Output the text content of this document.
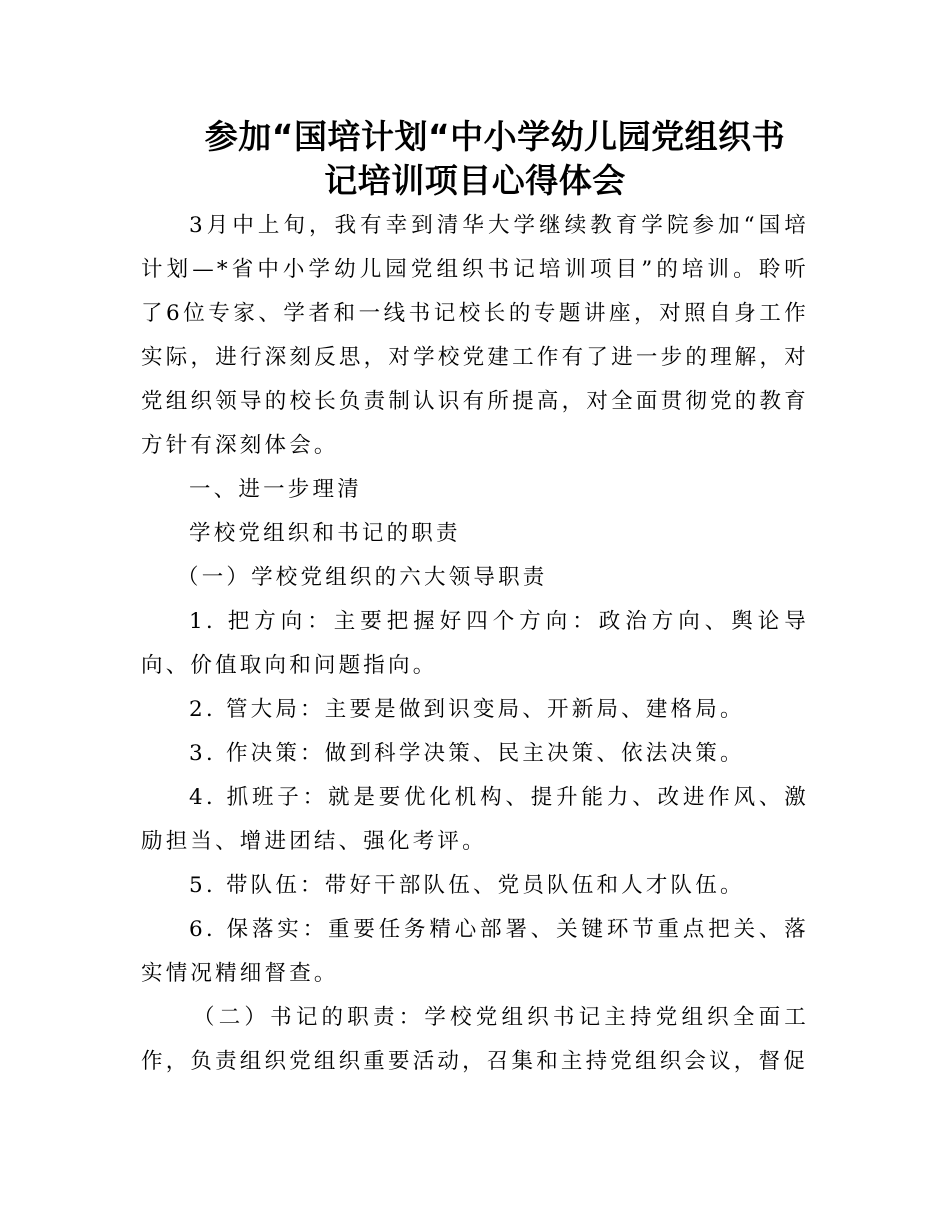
参加“国培计划“中小学幼儿园党组织书
记培训项目心得体会

3月中上旬，我有幸到清华大学继续教育学院参加“国培计划—*省中小学幼儿园党组织书记培训项目”的培训。聆听了6位专家、学者和一线书记校长的专题讲座，对照自身工作实际，进行深刻反思，对学校党建工作有了进一步的理解，对党组织领导的校长负责制认识有所提高，对全面贯彻党的教育方针有深刻体会。

一、进一步理清

学校党组织和书记的职责

（一）学校党组织的六大领导职责

1. 把方向：主要把握好四个方向：政治方向、舆论导向、价值取向和问题指向。

2. 管大局：主要是做到识变局、开新局、建格局。

3. 作决策：做到科学决策、民主决策、依法决策。

4. 抓班子：就是要优化机构、提升能力、改进作风、激励担当、增进团结、强化考评。

5. 带队伍：带好干部队伍、党员队伍和人才队伍。

6. 保落实：重要任务精心部署、关键环节重点把关、落实情况精细督查。

（二）书记的职责：学校党组织书记主持党组织全面工作，负责组织党组织重要活动，召集和主持党组织会议，督促
